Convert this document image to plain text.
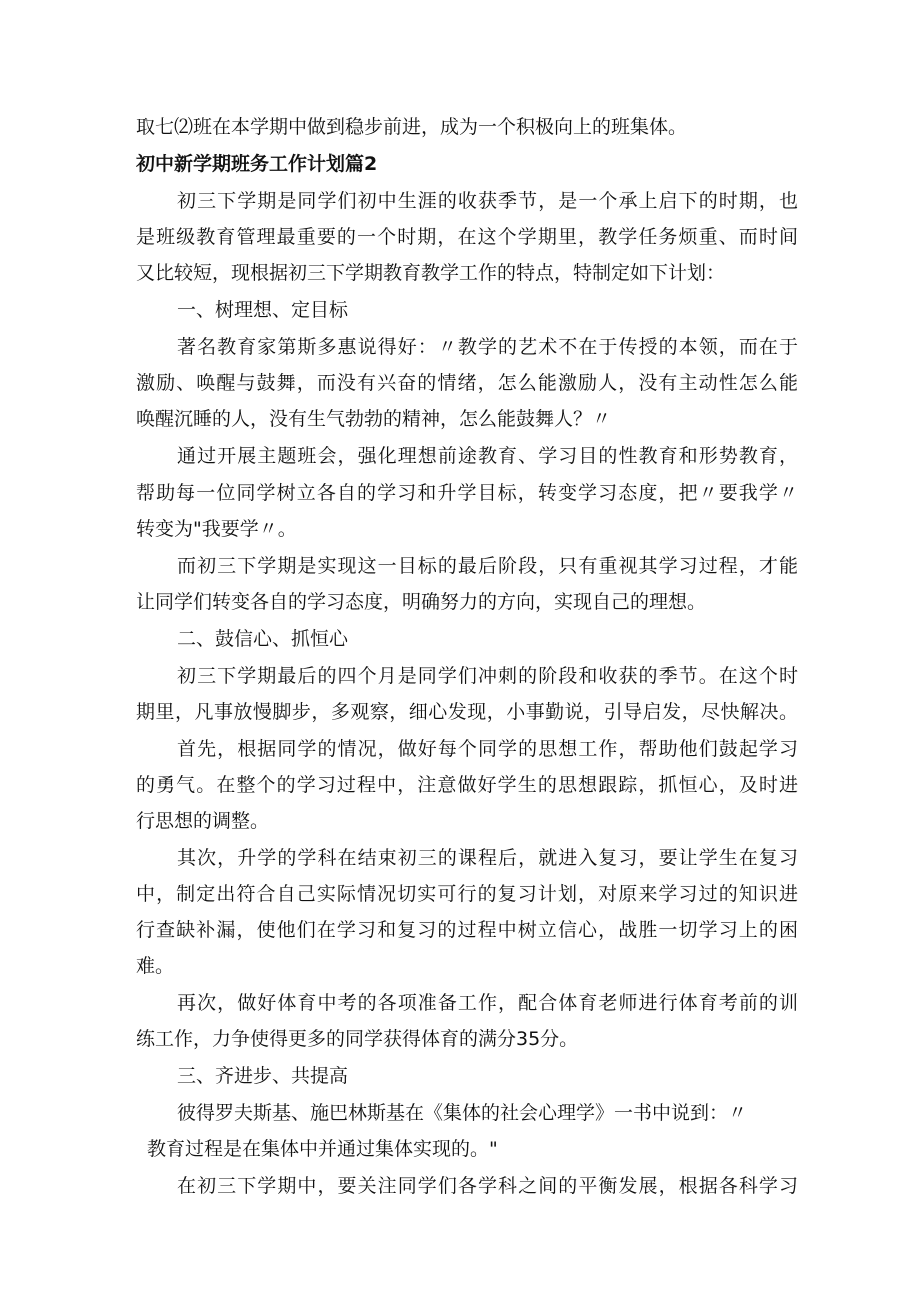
取七⑵班在本学期中做到稳步前进，成为一个积极向上的班集体。
初中新学期班务工作计划篇2
初三下学期是同学们初中生涯的收获季节，是一个承上启下的时期，也
是班级教育管理最重要的一个时期，在这个学期里，教学任务烦重、而时间
又比较短，现根据初三下学期教育教学工作的特点，特制定如下计划：
一、树理想、定目标
著名教育家第斯多惠说得好：〃教学的艺术不在于传授的本领，而在于
激励、唤醒与鼓舞，而没有兴奋的情绪，怎么能激励人，没有主动性怎么能
唤醒沉睡的人，没有生气勃勃的精神，怎么能鼓舞人？〃
通过开展主题班会，强化理想前途教育、学习目的性教育和形势教育，
帮助每一位同学树立各自的学习和升学目标，转变学习态度，把〃要我学〃
转变为"我要学〃。
而初三下学期是实现这一目标的最后阶段，只有重视其学习过程，才能
让同学们转变各自的学习态度，明确努力的方向，实现自己的理想。
二、鼓信心、抓恒心
初三下学期最后的四个月是同学们冲刺的阶段和收获的季节。在这个时
期里，凡事放慢脚步，多观察，细心发现，小事勤说，引导启发，尽快解决。
首先，根据同学的情况，做好每个同学的思想工作，帮助他们鼓起学习
的勇气。在整个的学习过程中，注意做好学生的思想跟踪，抓恒心，及时进
行思想的调整。
其次，升学的学科在结束初三的课程后，就进入复习，要让学生在复习
中，制定出符合自己实际情况切实可行的复习计划，对原来学习过的知识进
行查缺补漏，使他们在学习和复习的过程中树立信心，战胜一切学习上的困
难。
再次，做好体育中考的各项准备工作，配合体育老师进行体育考前的训
练工作，力争使得更多的同学获得体育的满分35分。
三、齐进步、共提高
彼得罗夫斯基、施巴林斯基在《集体的社会心理学》一书中说到：〃
教育过程是在集体中并通过集体实现的。"
在初三下学期中，要关注同学们各学科之间的平衡发展，根据各科学习
